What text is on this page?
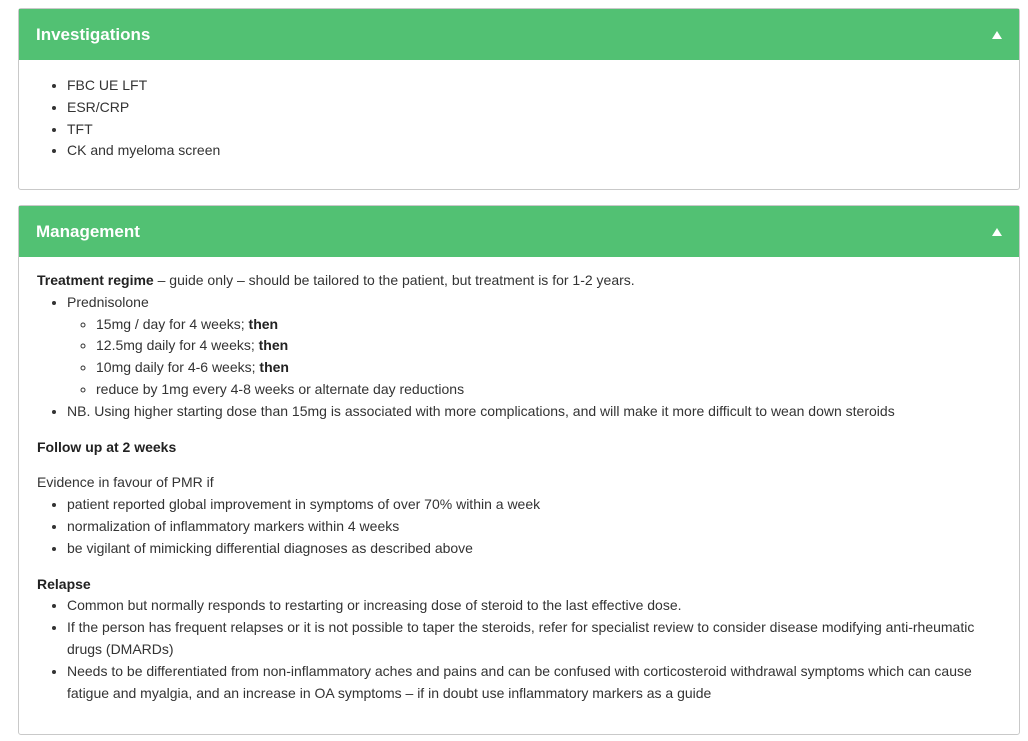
Investigations
• FBC UE LFT
• ESR/CRP
• TFT
• CK and myeloma screen
Management

Treatment regime – guide only – should be tailored to the patient, but treatment is for 1-2 years.

• Prednisolone
◦ 15mg / day for 4 weeks; then
◦ 12.5mg daily for 4 weeks; then
◦ 10mg daily for 4-6 weeks; then
◦ reduce by 1mg every 4-8 weeks or alternate day reductions
• NB. Using higher starting dose than 15mg is associated with more complications, and will make it more difficult to wean down steroids

Follow up at 2 weeks

Evidence in favour of PMR if

• patient reported global improvement in symptoms of over 70% within a week
• normalization of inflammatory markers within 4 weeks
• be vigilant of mimicking differential diagnoses as described above

Relapse

• Common but normally responds to restarting or increasing dose of steroid to the last effective dose.
• If the person has frequent relapses or it is not possible to taper the steroids, refer for specialist review to consider disease modifying anti-rheumatic drugs (DMARDs)
• Needs to be differentiated from non-inflammatory aches and pains and can be confused with corticosteroid withdrawal symptoms which can cause fatigue and myalgia, and an increase in OA symptoms – if in doubt use inflammatory markers as a guide
